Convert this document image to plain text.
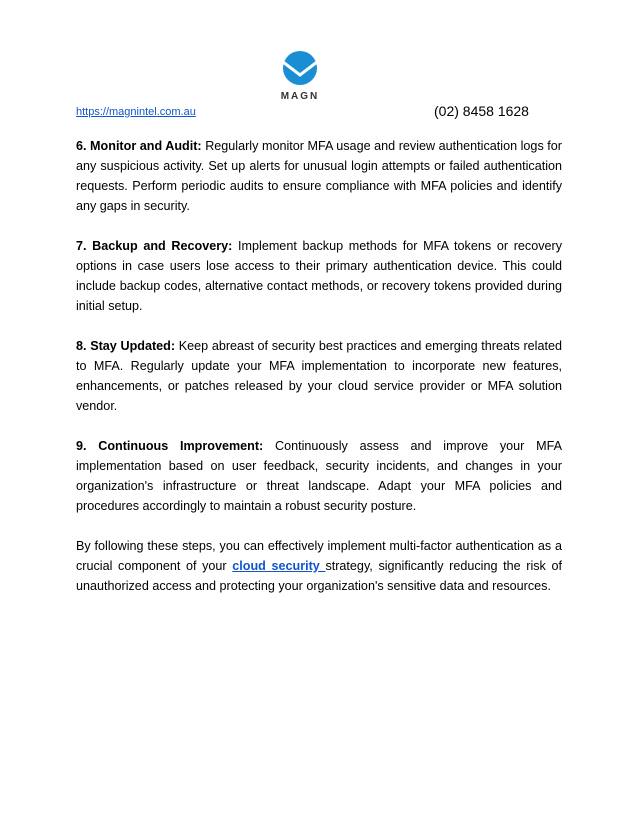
MAGN
https://magnintel.com.au	(02) 8458 1628

6. Monitor and Audit: Regularly monitor MFA usage and review authentication logs for any suspicious activity. Set up alerts for unusual login attempts or failed authentication requests. Perform periodic audits to ensure compliance with MFA policies and identify any gaps in security.

7. Backup and Recovery: Implement backup methods for MFA tokens or recovery options in case users lose access to their primary authentication device. This could include backup codes, alternative contact methods, or recovery tokens provided during initial setup.

8. Stay Updated: Keep abreast of security best practices and emerging threats related to MFA. Regularly update your MFA implementation to incorporate new features, enhancements, or patches released by your cloud service provider or MFA solution vendor.

9. Continuous Improvement: Continuously assess and improve your MFA implementation based on user feedback, security incidents, and changes in your organization's infrastructure or threat landscape. Adapt your MFA policies and procedures accordingly to maintain a robust security posture.

By following these steps, you can effectively implement multi-factor authentication as a crucial component of your cloud security strategy, significantly reducing the risk of unauthorized access and protecting your organization's sensitive data and resources.
